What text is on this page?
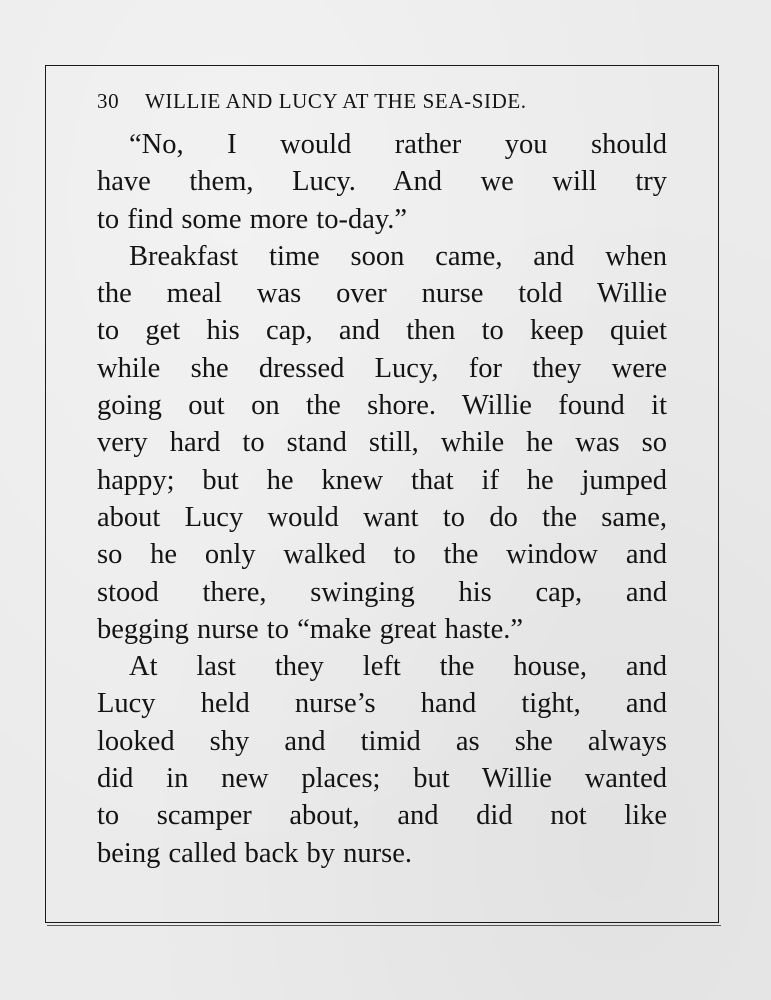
30	WILLIE AND LUCY AT THE SEA-SIDE.

“No, I would rather you should
have them, Lucy. And we will try
to find some more to-day.”

Breakfast time soon came, and when
the meal was over nurse told Willie
to get his cap, and then to keep quiet
while she dressed Lucy, for they were
going out on the shore. Willie found it
very hard to stand still, while he was so
happy; but he knew that if he jumped
about Lucy would want to do the same,
so he only walked to the window and
stood there, swinging his cap, and
begging nurse to “make great haste.”

At last they left the house, and
Lucy held nurse’s hand tight, and
looked shy and timid as she always
did in new places; but Willie wanted
to scamper about, and did not like
being called back by nurse.
